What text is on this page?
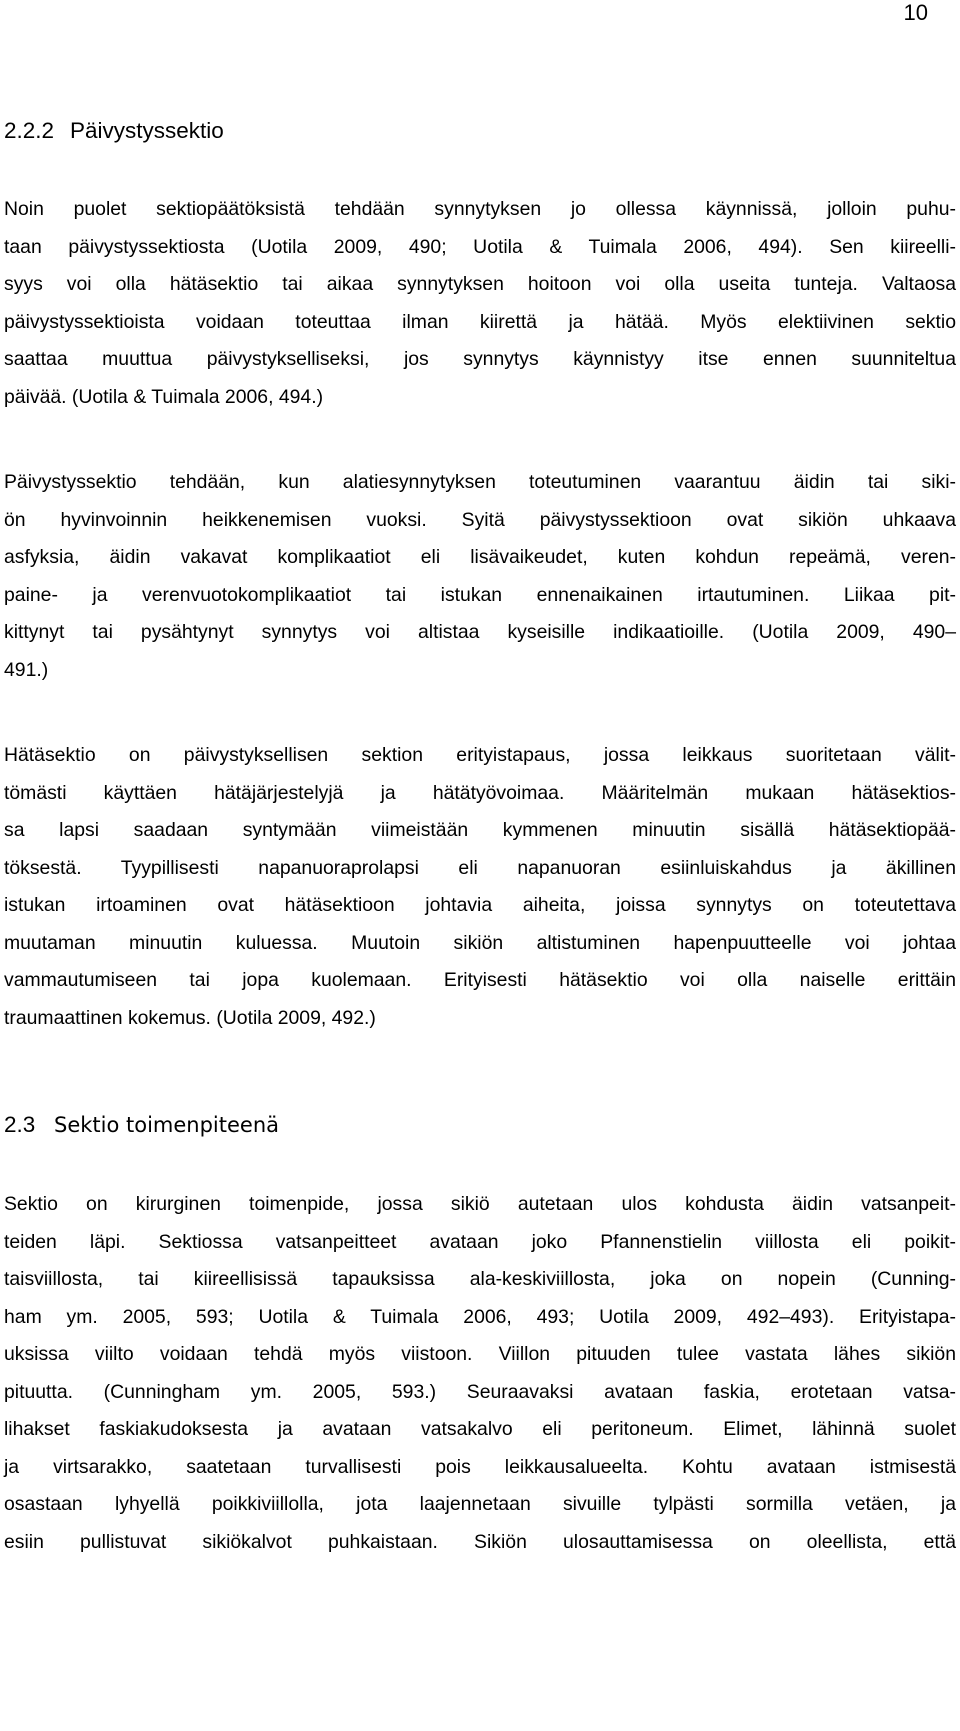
10
2.2.2 Päivystyssektio
Noin puolet sektiopäätöksistä tehdään synnytyksen jo ollessa käynnissä, jolloin puhu-
taan päivystyssektiosta (Uotila 2009, 490; Uotila & Tuimala 2006, 494). Sen kiireelli-
syys voi olla hätäsektio tai aikaa synnytyksen hoitoon voi olla useita tunteja. Valtaosa
päivystyssektioista voidaan toteuttaa ilman kiirettä ja hätää. Myös elektiivinen sektio
saattaa muuttua päivystykselliseksi, jos synnytys käynnistyy itse ennen suunniteltua
päivää. (Uotila & Tuimala 2006, 494.)
Päivystyssektio tehdään, kun alatiesynnytyksen toteutuminen vaarantuu äidin tai siki-
ön hyvinvoinnin heikkenemisen vuoksi. Syitä päivystyssektioon ovat sikiön uhkaava
asfyksia, äidin vakavat komplikaatiot eli lisävaikeudet, kuten kohdun repeämä, veren-
paine- ja verenvuotokomplikaatiot tai istukan ennenaikainen irtautuminen. Liikaa pit-
kittynyt tai pysähtynyt synnytys voi altistaa kyseisille indikaatioille. (Uotila 2009, 490–
491.)
Hätäsektio on päivystyksellisen sektion erityistapaus, jossa leikkaus suoritetaan välit-
tömästi käyttäen hätäjärjestelyjä ja hätätyövoimaa. Määritelmän mukaan hätäsektios-
sa lapsi saadaan syntymään viimeistään kymmenen minuutin sisällä hätäsektiopää-
töksestä. Tyypillisesti napanuoraprolapsi eli napanuoran esiinluiskahdus ja äkillinen
istukan irtoaminen ovat hätäsektioon johtavia aiheita, joissa synnytys on toteutettava
muutaman minuutin kuluessa. Muutoin sikiön altistuminen hapenpuutteelle voi johtaa
vammautumiseen tai jopa kuolemaan. Erityisesti hätäsektio voi olla naiselle erittäin
traumaattinen kokemus. (Uotila 2009, 492.)
2.3 Sektio toimenpiteenä
Sektio on kirurginen toimenpide, jossa sikiö autetaan ulos kohdusta äidin vatsanpeit-
teiden läpi. Sektiossa vatsanpeitteet avataan joko Pfannenstielin viillosta eli poikit-
taisviillosta, tai kiireellisissä tapauksissa ala-keskiviillosta, joka on nopein (Cunning-
ham ym. 2005, 593; Uotila & Tuimala 2006, 493; Uotila 2009, 492–493). Erityistapa-
uksissa viilto voidaan tehdä myös viistoon. Viillon pituuden tulee vastata lähes sikiön
pituutta. (Cunningham ym. 2005, 593.) Seuraavaksi avataan faskia, erotetaan vatsa-
lihakset faskiakudoksesta ja avataan vatsakalvo eli peritoneum. Elimet, lähinnä suolet
ja virtsarakko, saatetaan turvallisesti pois leikkausalueelta. Kohtu avataan istmisestä
osastaan lyhyellä poikkiviillolla, jota laajennetaan sivuille tylpästi sormilla vetäen, ja
esiin pullistuvat sikiökalvot puhkaistaan. Sikiön ulosauttamisessa on oleellista, että
